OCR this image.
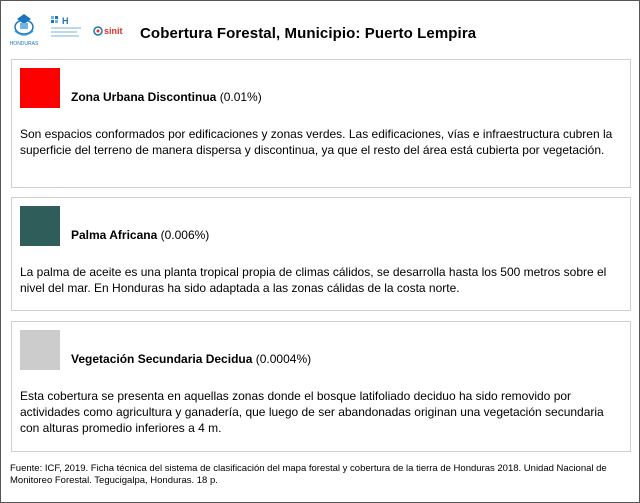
HONDURAS
H
sinit Cobertura Forestal, Municipio: Puerto Lempira
Zona Urbana Discontinua (0.01%)
Son espacios conformados por edificaciones y zonas verdes. Las edificaciones, vías e infraestructura cubren la superficie del terreno de manera dispersa y discontinua, ya que el resto del área está cubierta por vegetación.
Palma Africana (0.006%)
La palma de aceite es una planta tropical propia de climas cálidos, se desarrolla hasta los 500 metros sobre el nivel del mar. En Honduras ha sido adaptada a las zonas cálidas de la costa norte.
Vegetación Secundaria Decidua (0.0004%)
Esta cobertura se presenta en aquellas zonas donde el bosque latifoliado deciduo ha sido removido por actividades como agricultura y ganadería, que luego de ser abandonadas originan una vegetación secundaria con alturas promedio inferiores a 4 m.
Fuente: ICF, 2019. Ficha técnica del sistema de clasificación del mapa forestal y cobertura de la tierra de Honduras 2018. Unidad Nacional de Monitoreo Forestal. Tegucigalpa, Honduras. 18 p.
